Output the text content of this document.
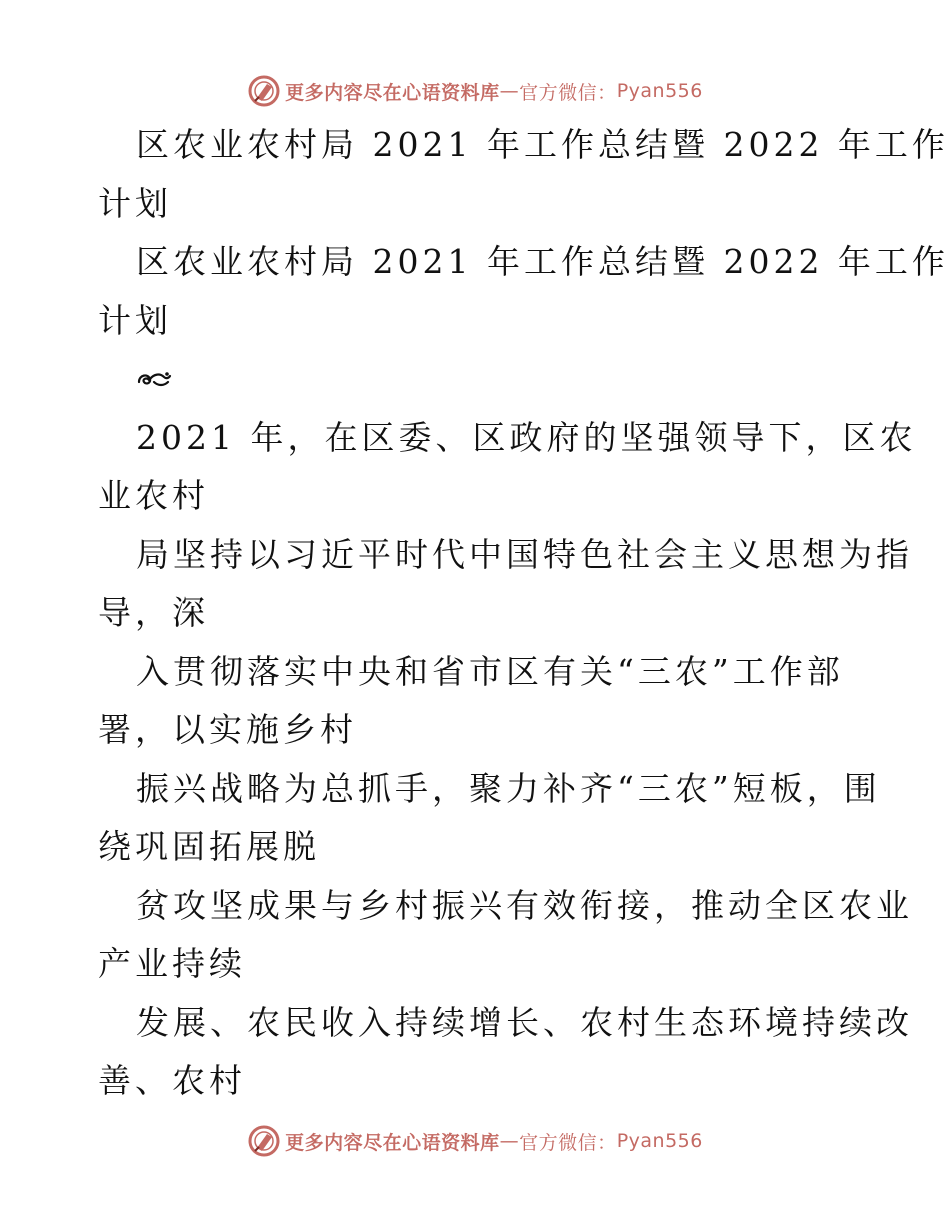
更多内容尽在心语资料库 — 官方微信： Pyan556
区农业农村局 2021 年工作总结暨 2022 年工作
计划
区农业农村局 2021 年工作总结暨 2022 年工作
计划
2021 年，在区委、区政府的坚强领导下，区农
业农村
局坚持以习近平时代中国特色社会主义思想为指
导，深
入贯彻落实中央和省市区有关“三农”工作部
署，以实施乡村
振兴战略为总抓手，聚力补齐“三农”短板，围
绕巩固拓展脱
贫攻坚成果与乡村振兴有效衔接，推动全区农业
产业持续
发展、农民收入持续增长、农村生态环境持续改
善、农村
更多内容尽在心语资料库 — 官方微信： Pyan556
